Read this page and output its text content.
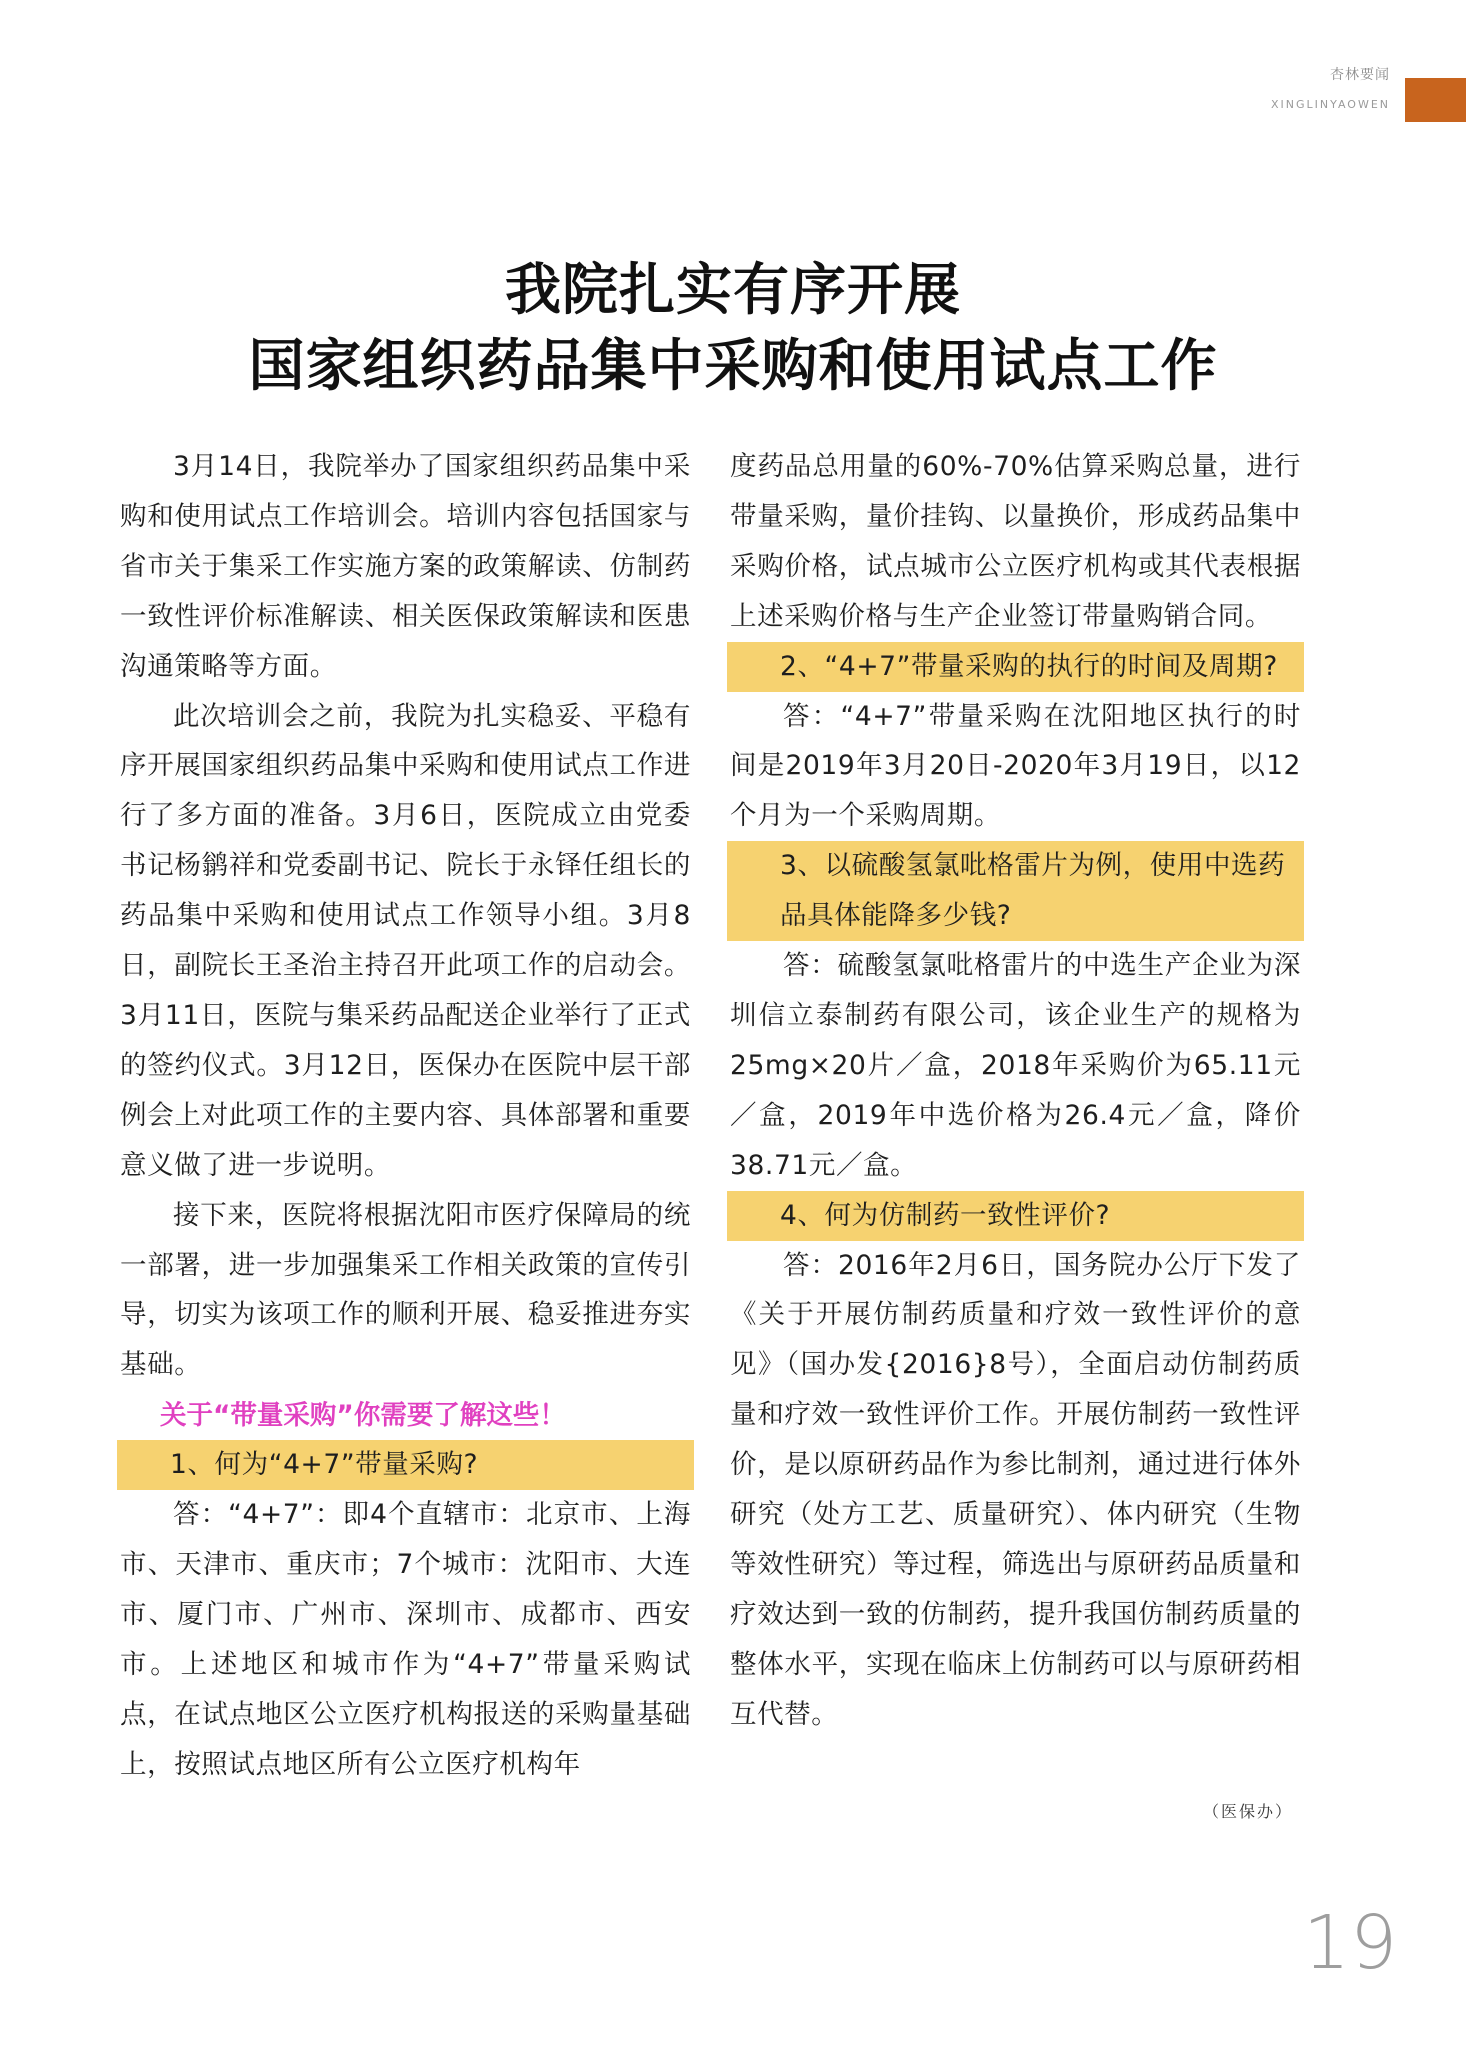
杏林要闻
XINGLINYAOWEN
我院扎实有序开展
国家组织药品集中采购和使用试点工作

3月14日，我院举办了国家组织药品集中采购和使用试点工作培训会。培训内容包括国家与省市关于集采工作实施方案的政策解读、仿制药一致性评价标准解读、相关医保政策解读和医患沟通策略等方面。

此次培训会之前，我院为扎实稳妥、平稳有序开展国家组织药品集中采购和使用试点工作进行了多方面的准备。3月6日，医院成立由党委书记杨鹟祥和党委副书记、院长于永铎任组长的药品集中采购和使用试点工作领导小组。3月8日，副院长王圣治主持召开此项工作的启动会。3月11日，医院与集采药品配送企业举行了正式的签约仪式。3月12日，医保办在医院中层干部例会上对此项工作的主要内容、具体部署和重要意义做了进一步说明。

接下来，医院将根据沈阳市医疗保障局的统一部署，进一步加强集采工作相关政策的宣传引导，切实为该项工作的顺利开展、稳妥推进夯实基础。

关于“带量采购”你需要了解这些！
1、何为“4+7”带量采购?

答：“4+7”：即4个直辖市：北京市、上海市、天津市、重庆市；7个城市：沈阳市、大连市、厦门市、广州市、深圳市、成都市、西安市。上述地区和城市作为“4+7”带量采购试点，在试点地区公立医疗机构报送的采购量基础上，按照试点地区所有公立医疗机构年

度药品总用量的60%-70%估算采购总量，进行带量采购，量价挂钩、以量换价，形成药品集中采购价格，试点城市公立医疗机构或其代表根据上述采购价格与生产企业签订带量购销合同。

2、“4+7”带量采购的执行的时间及周期?

答：“4+7”带量采购在沈阳地区执行的时间是2019年3月20日-2020年3月19日，以12个月为一个采购周期。

3、以硫酸氢氯吡格雷片为例，使用中选药品具体能降多少钱?

答：硫酸氢氯吡格雷片的中选生产企业为深圳信立泰制药有限公司，该企业生产的规格为25mg×20片／盒，2018年采购价为65.11元／盒，2019年中选价格为26.4元／盒，降价38.71元／盒。

4、何为仿制药一致性评价?

答：2016年2月6日，国务院办公厅下发了《关于开展仿制药质量和疗效一致性评价的意见》（国办发{2016}8号），全面启动仿制药质量和疗效一致性评价工作。开展仿制药一致性评价，是以原研药品作为参比制剂，通过进行体外研究（处方工艺、质量研究）、体内研究（生物等效性研究）等过程，筛选出与原研药品质量和疗效达到一致的仿制药，提升我国仿制药质量的整体水平，实现在临床上仿制药可以与原研药相互代替。

（医保办）
19
